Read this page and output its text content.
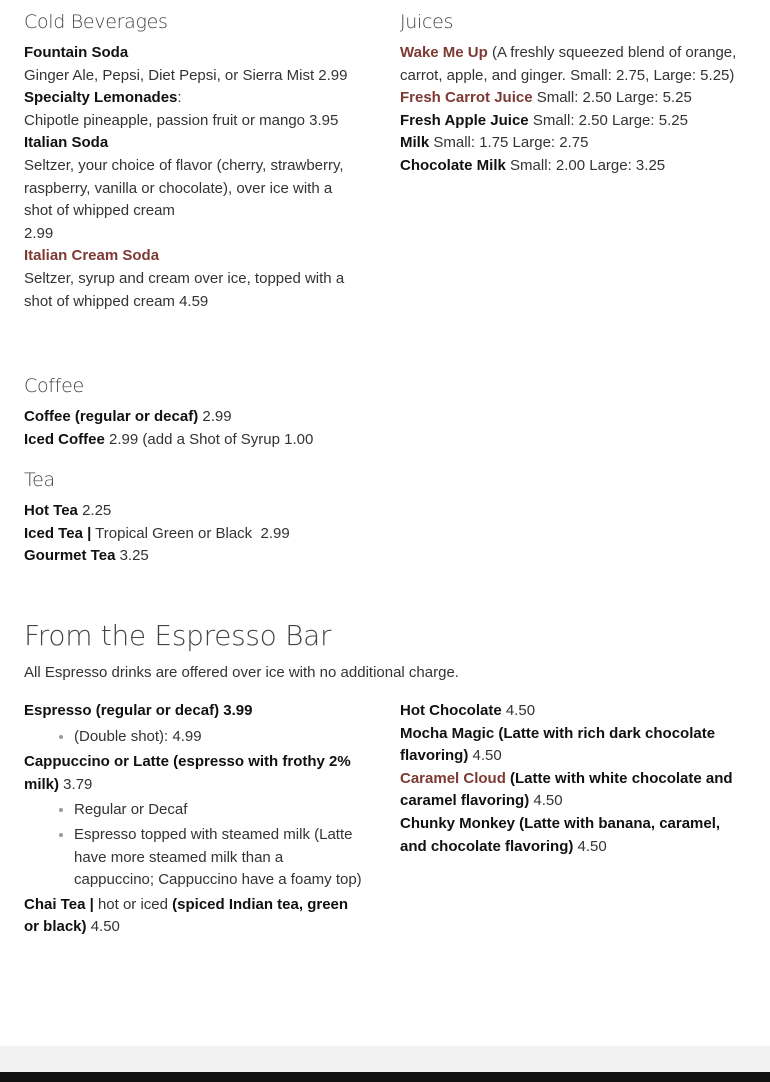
Cold Beverages

Fountain Soda

Ginger Ale, Pepsi, Diet Pepsi, or Sierra Mist 2.99

Specialty Lemonades:

Chipotle pineapple, passion fruit or mango 3.95

Italian Soda

Seltzer, your choice of flavor (cherry, strawberry, raspberry, vanilla or chocolate), over ice with a shot of whipped cream

2.99

Italian Cream Soda

Seltzer, syrup and cream over ice, topped with a shot of whipped cream 4.59

Juices

Wake Me Up (A freshly squeezed blend of orange, carrot, apple, and ginger. Small: 2.75, Large: 5.25)

Fresh Carrot Juice Small: 2.50 Large: 5.25

Fresh Apple Juice Small: 2.50 Large: 5.25

Milk Small: 1.75 Large: 2.75

Chocolate Milk Small: 2.00 Large: 3.25

Coffee

Coffee (regular or decaf) 2.99

Iced Coffee 2.99 (add a Shot of Syrup 1.00

Tea

Hot Tea 2.25

Iced Tea | Tropical Green or Black  2.99

Gourmet Tea 3.25

From the Espresso Bar

All Espresso drinks are offered over ice with no additional charge.

Espresso (regular or decaf) 3.99

• (Double shot): 4.99

Cappuccino or Latte (espresso with frothy 2% milk) 3.79

• Regular or Decaf
• Espresso topped with steamed milk (Latte have more steamed milk than a cappuccino; Cappuccino have a foamy top)

Chai Tea | hot or iced (spiced Indian tea, green or black) 4.50

Hot Chocolate 4.50

Mocha Magic (Latte with rich dark chocolate flavoring) 4.50

Caramel Cloud (Latte with white chocolate and caramel flavoring) 4.50

Chunky Monkey (Latte with banana, caramel, and chocolate flavoring) 4.50
